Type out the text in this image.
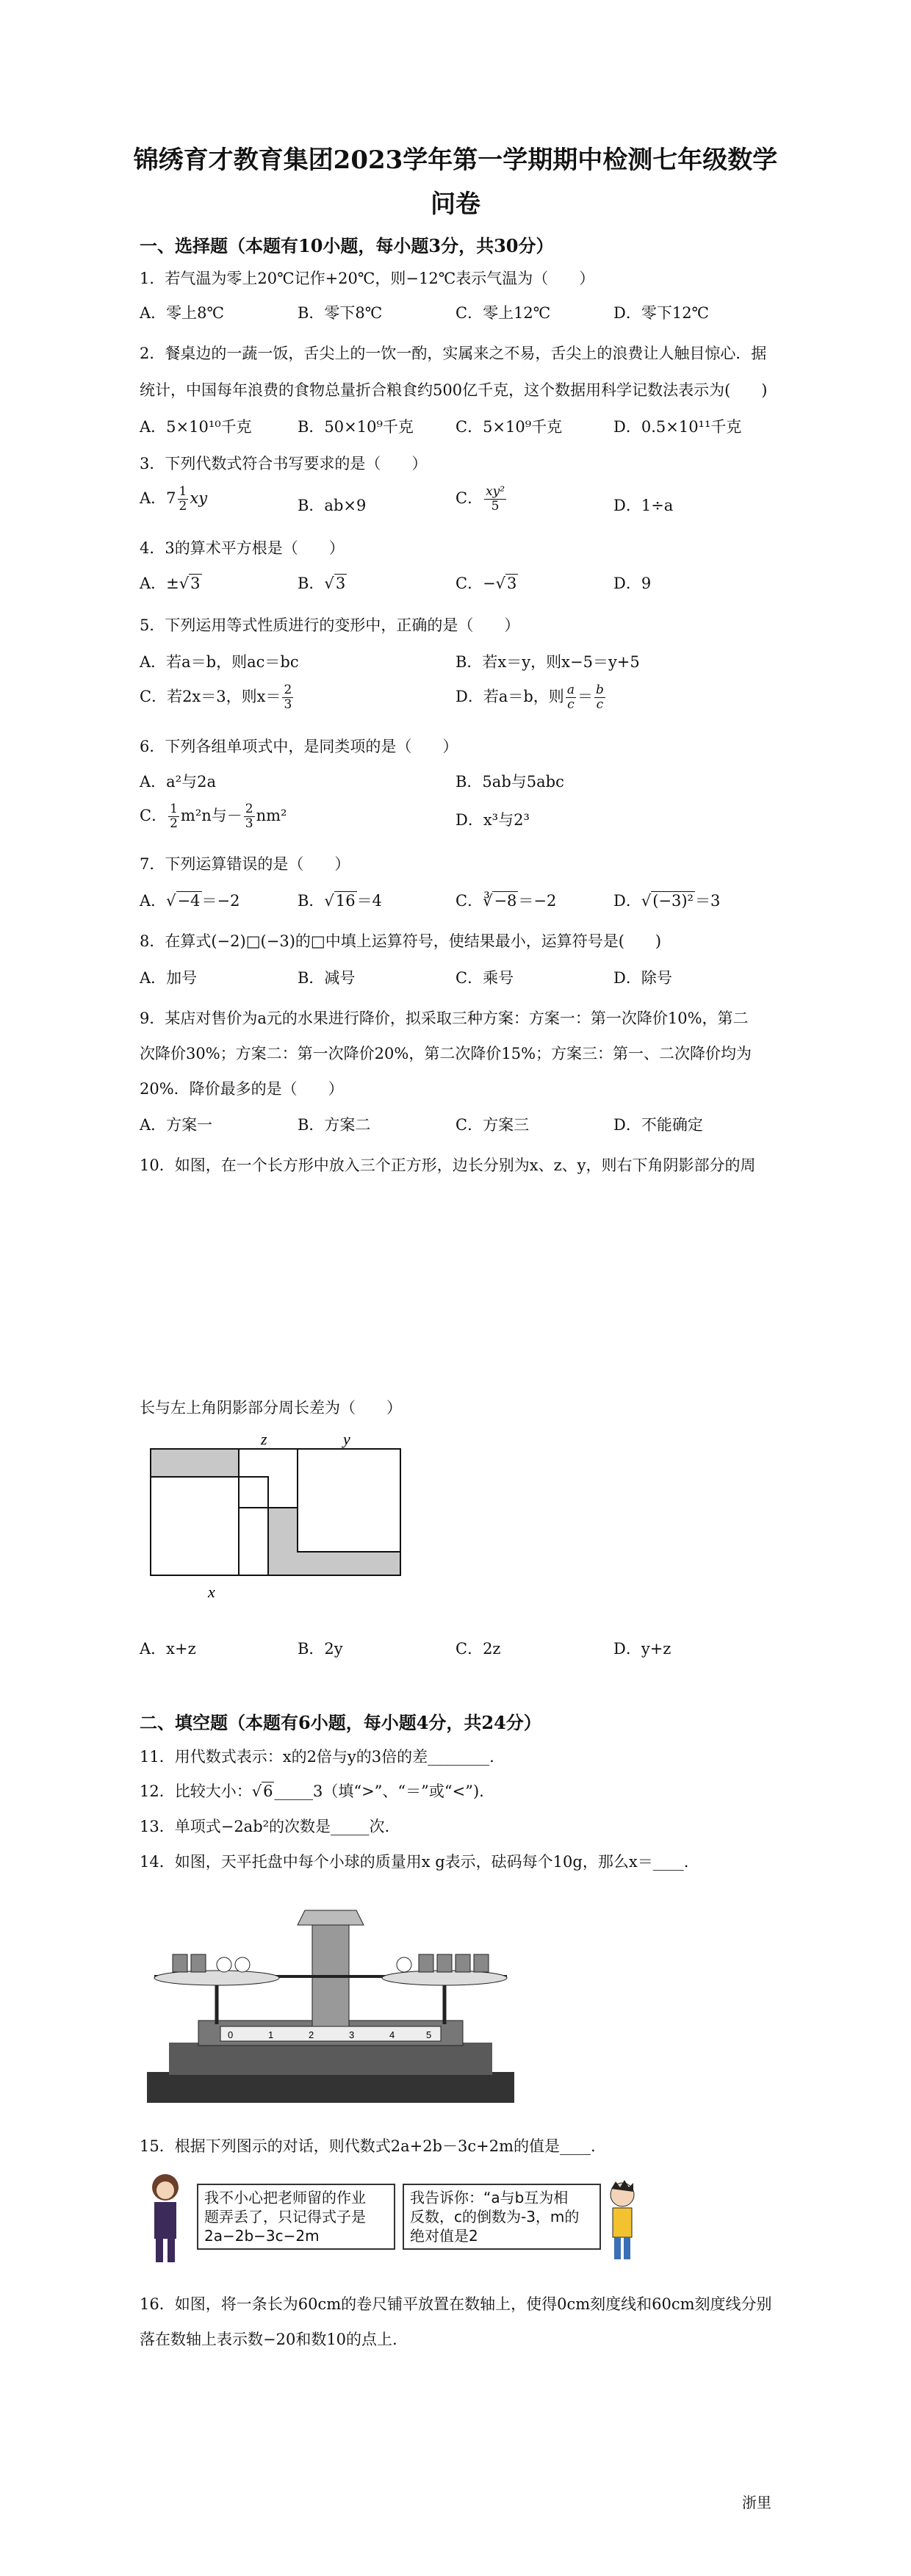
锦绣育才教育集团2023学年第一学期期中检测七年级数学
问卷
一、选择题（本题有10小题，每小题3分，共30分）
1．若气温为零上20℃记作+20℃，则−12℃表示气温为（　　）
A．零上8℃	B．零下8℃	C．零上12℃	D．零下12℃
2．餐桌边的一蔬一饭，舌尖上的一饮一酌，实属来之不易，舌尖上的浪费让人触目惊心．据
统计，中国每年浪费的食物总量折合粮食约500亿千克，这个数据用科学记数法表示为(　　)
A．5×10¹⁰千克	B．50×10⁹千克	C．5×10⁹千克	D．0.5×10¹¹千克
3．下列代数式符合书写要求的是（　　）
A．$7 \frac{1}{2}$ xy	B．ab×9	C． $\frac{\text{xy²}}{5}$	D．1÷a
4．3的算术平方根是（　　）
A．±√3	B．√3	C．−√3	D．9
5．下列运用等式性质进行的变形中，正确的是（　　）
A．若a＝b，则ac＝bc	B．若x＝y，则x−5＝y+5
C．若2x＝3，则$x= \frac{2}{3}$	D．若a＝b，则 $\frac{a}{c} = \frac{b}{c}$
6．下列各组单项式中，是同类项的是（　　）
A．a²与2a	B．5ab与5abc
C． $\frac{1}{2} m^2n$与－ $\frac{2}{3} nm^2$	D．x³与2³
7．下列运算错误的是（　　）
A．√−4＝−2	B．√16＝4	C．∛−8＝−2	D．√(−3)²＝3
8．在算式(−2)□(−3)的□中填上运算符号，使结果最小，运算符号是(　　)
A．加号	B．减号	C．乘号	D．除号
9．某店对售价为a元的水果进行降价，拟采取三种方案：方案一：第一次降价10%，第二
次降价30%；方案二：第一次降价20%，第二次降价15%；方案三：第一、二次降价均为
20%．降价最多的是（　　）
A．方案一	B．方案二	C．方案三	D．不能确定
10．如图，在一个长方形中放入三个正方形，边长分别为x、z、y，则右下角阴影部分的周
长与左上角阴影部分周长差为（　　）
z	y
x
A．x+z	B．2y	C．2z	D．y+z
二、填空题（本题有6小题，每小题4分，共24分）
11．用代数式表示：x的2倍与y的3倍的差________.
12．比较大小：√6_____3（填“>”、“＝”或“<”).
13．单项式−2ab²的次数是_____次.
14．如图，天平托盘中每个小球的质量用x g表示，砝码每个10g，那么x＝____.
0	1	2	3	4	5
15．根据下列图示的对话，则代数式2a+2b－3c+2m的值是____.
我不小心把老师留的作业
题弄丢了，只记得式子是
2a−2b−3c−2m
我告诉你：“a与b互为相
反数，c的倒数为-3，m的
绝对值是2
16．如图，将一条长为60cm的卷尺铺平放置在数轴上，使得0cm刻度线和60cm刻度线分别
落在数轴上表示数−20和数10的点上.
浙里
